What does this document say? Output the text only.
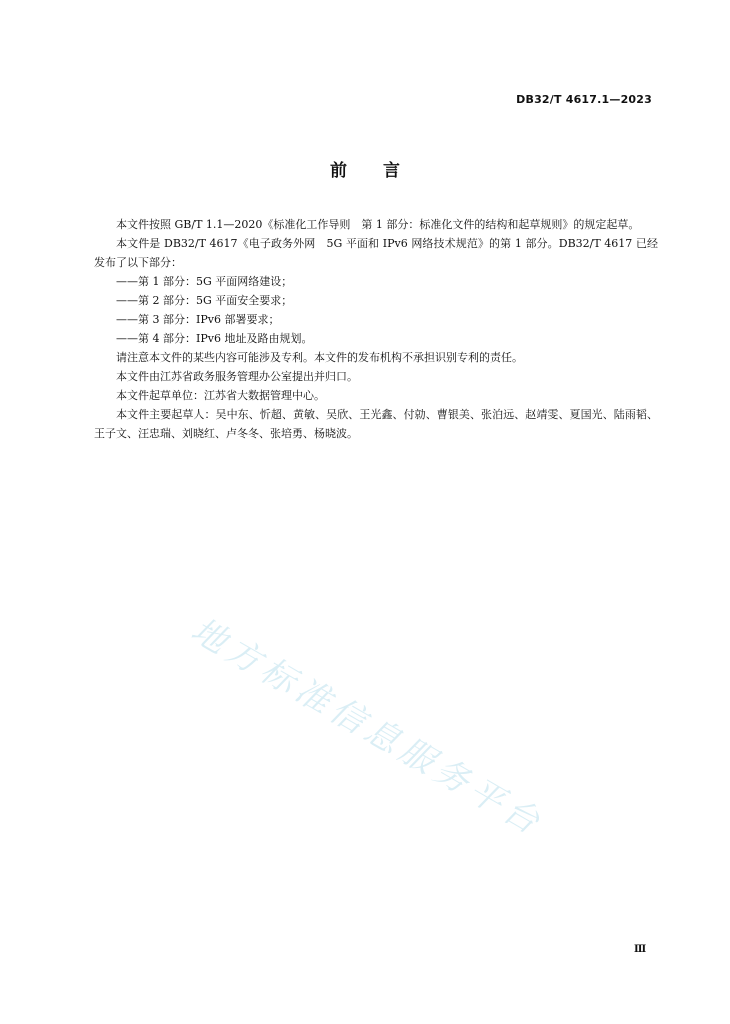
DB32/T 4617.1—2023
前言

本文件按照 GB/T 1.1—2020《标准化工作导则　第 1 部分：标准化文件的结构和起草规则》的规定起草。

本文件是 DB32/T 4617《电子政务外网　5G 平面和 IPv6 网络技术规范》的第 1 部分。DB32/T 4617 已经发布了以下部分：

——第 1 部分：5G 平面网络建设；

——第 2 部分：5G 平面安全要求；

——第 3 部分：IPv6 部署要求；

——第 4 部分：IPv6 地址及路由规划。

请注意本文件的某些内容可能涉及专利。本文件的发布机构不承担识别专利的责任。

本文件由江苏省政务服务管理办公室提出并归口。

本文件起草单位：江苏省大数据管理中心。

本文件主要起草人：吴中东、忻超、黄敏、吴欣、王光鑫、付勍、曹银美、张泊远、赵靖雯、夏国光、陆雨韬、王子文、汪忠瑞、刘晓红、卢冬冬、张培勇、杨晓波。

地方标准信息服务平台
Ⅲ
